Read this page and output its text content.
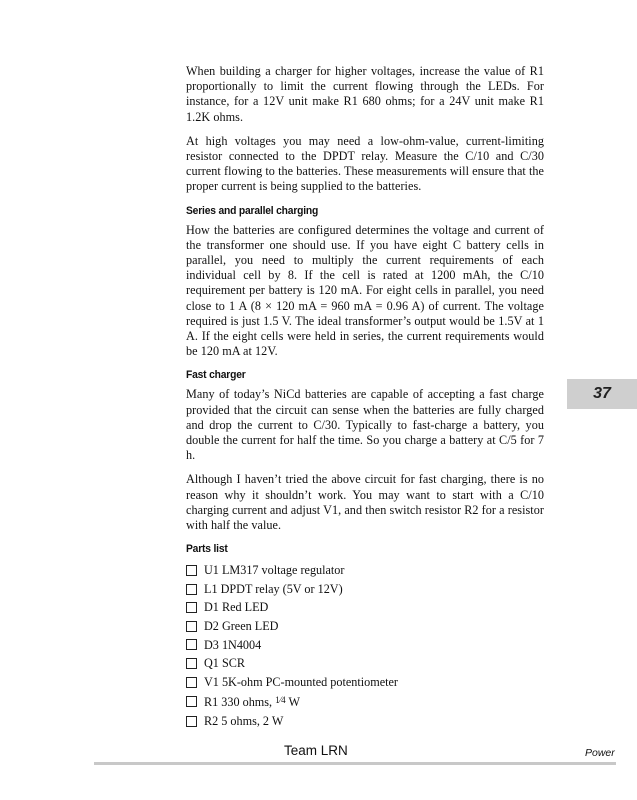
When building a charger for higher voltages, increase the value of R1 proportionally to limit the current flowing through the LEDs. For instance, for a 12V unit make R1 680 ohms; for a 24V unit make R1 1.2K ohms.

At high voltages you may need a low-ohm-value, current-limiting resistor connected to the DPDT relay. Measure the C/10 and C/30 current flowing to the batteries. These measurements will ensure that the proper current is being supplied to the batteries.

Series and parallel charging

How the batteries are configured determines the voltage and current of the transformer one should use. If you have eight C battery cells in parallel, you need to multiply the current requirements of each individual cell by 8. If the cell is rated at 1200 mAh, the C/10 requirement per battery is 120 mA. For eight cells in parallel, you need close to 1 A (8 × 120 mA = 960 mA = 0.96 A) of current. The voltage required is just 1.5 V. The ideal transformer’s output would be 1.5V at 1 A. If the eight cells were held in series, the current requirements would be 120 mA at 12V.

Fast charger

Many of today’s NiCd batteries are capable of accepting a fast charge provided that the circuit can sense when the batteries are fully charged and drop the current to C/30. Typically to fast-charge a battery, you double the current for half the time. So you charge a battery at C/5 for 7 h.

Although I haven’t tried the above circuit for fast charging, there is no reason why it shouldn’t work. You may want to start with a C/10 charging current and adjust V1, and then switch resistor R2 for a resistor with half the value.

Parts list
U1 LM317 voltage regulator
L1 DPDT relay (5V or 12V)
D1 Red LED
D2 Green LED
D3 1N4004
Q1 SCR
V1 5K-ohm PC-mounted potentiometer
R1 330 ohms, $^{1⁄4}$ W
R2 5 ohms, 2 W
37
Team LRN	Power
